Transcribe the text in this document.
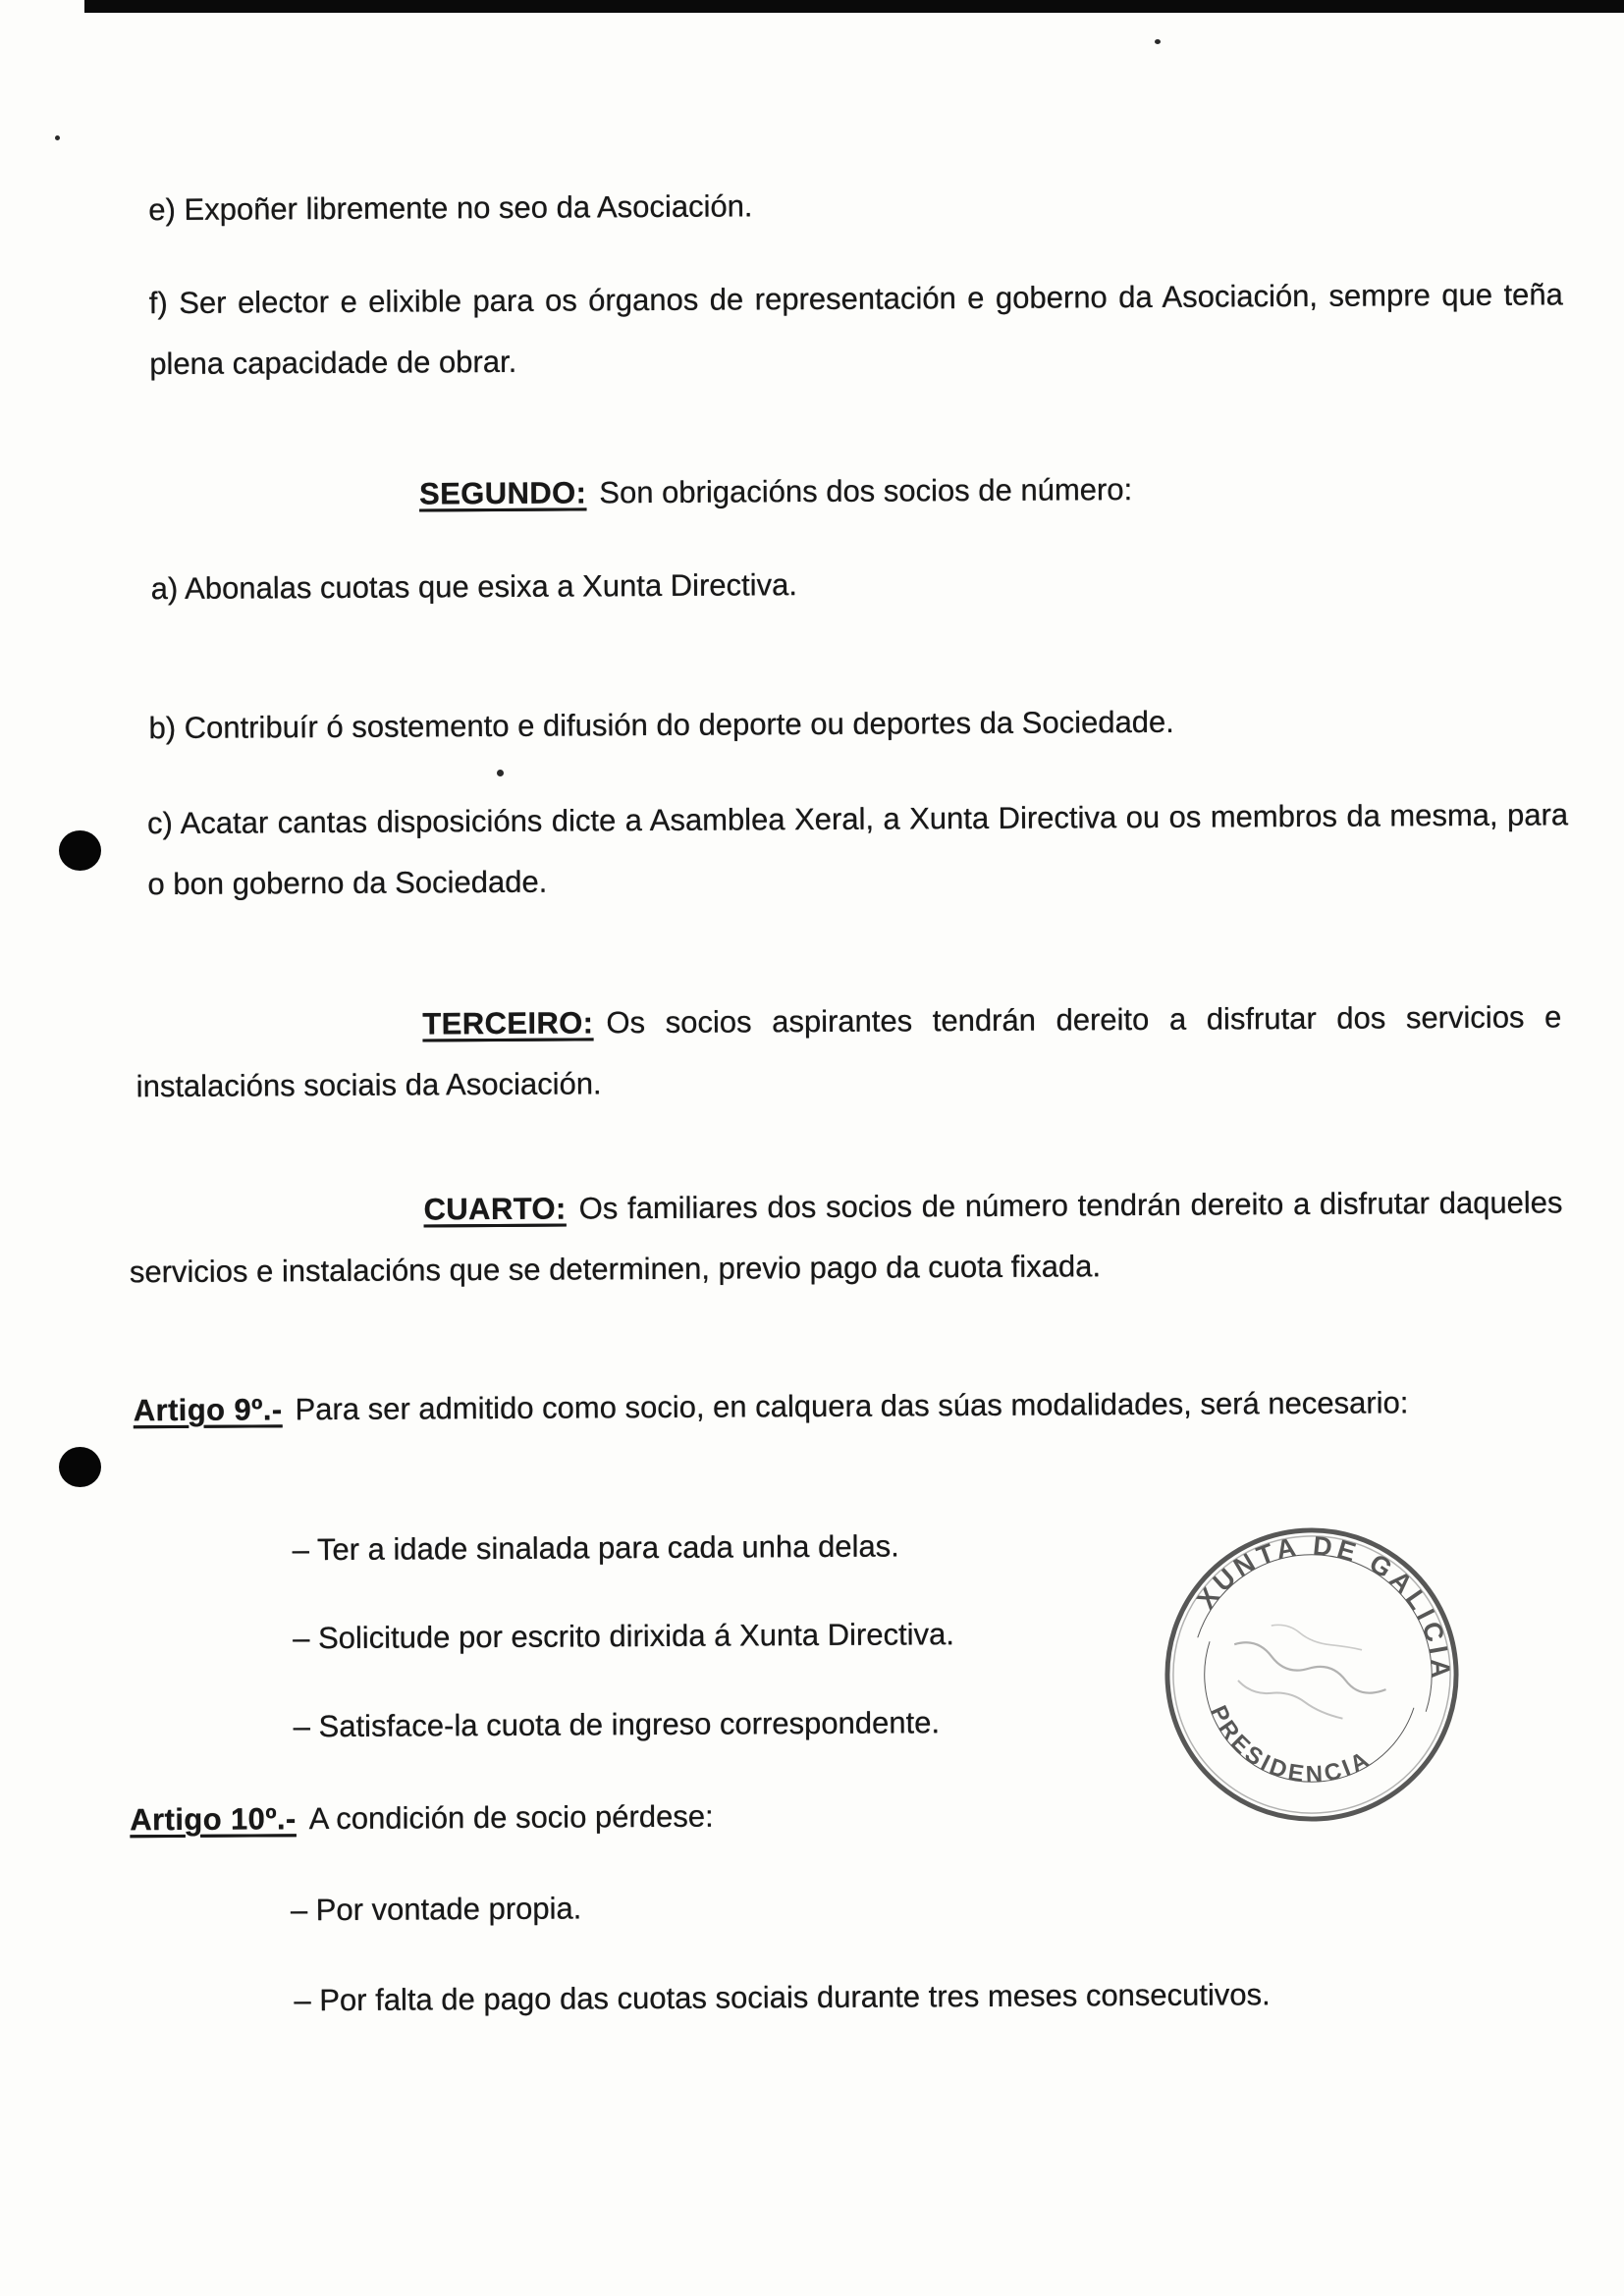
e) Expoñer libremente no seo da Asociación.

f) Ser elector e elixible para os órganos de representación e goberno da Asociación, sempre que teña plena capacidade de obrar.

SEGUNDO: Son obrigacións dos socios de número:

a) Abonalas cuotas que esixa a Xunta Directiva.

b) Contribuír ó sostemento e difusión do deporte ou deportes da Sociedade.

c) Acatar cantas disposicións dicte a Asamblea Xeral, a Xunta Directiva ou os membros da mesma, para o bon goberno da Sociedade.

TERCEIRO: Os socios aspirantes tendrán dereito a disfrutar dos servicios e instalacións sociais da Asociación.

CUARTO: Os familiares dos socios de número tendrán dereito a disfrutar daqueles servicios e instalacións que se determinen, previo pago da cuota fixada.

Artigo 9º.- Para ser admitido como socio, en calquera das súas modalidades, será necesario:

– Ter a idade sinalada para cada unha delas.

– Solicitude por escrito dirixida á Xunta Directiva.

– Satisface-la cuota de ingreso correspondente.

Artigo 10º.- A condición de socio pérdese:

– Por vontade propia.

– Por falta de pago das cuotas sociais durante tres meses consecutivos.

XUNTA DE GALICIA
PRESIDENCIA
